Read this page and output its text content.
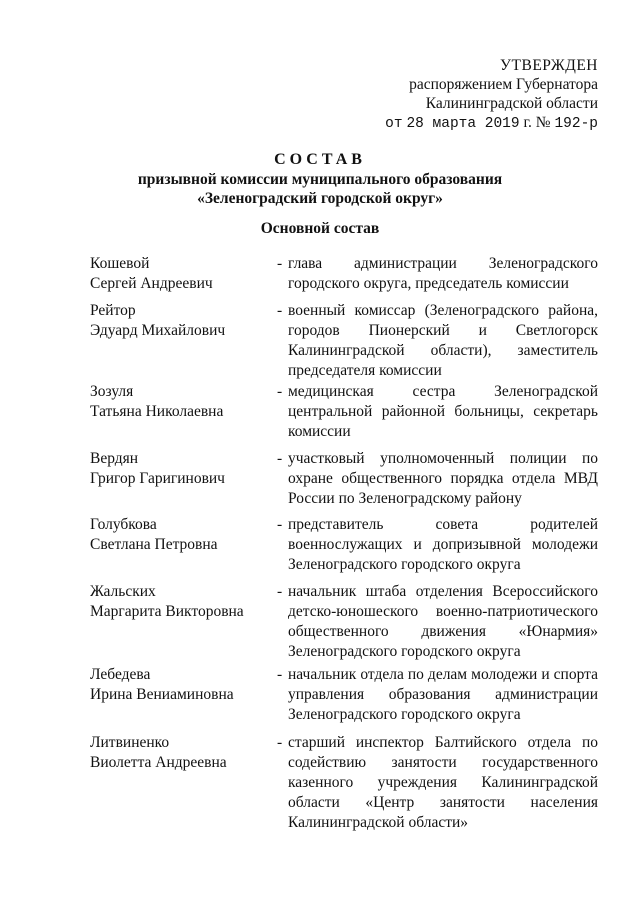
УТВЕРЖДЕН
распоряжением Губернатора
Калининградской области
от 28 марта 2019 г. № 192-р
СОСТАВ
призывной комиссии муниципального образования
«Зеленоградский городской округ»
Основной состав
Кошевой
Сергей Андреевич
- глава администрации Зеленоградского городского округа, председатель комиссии
Рейтор
Эдуард Михайлович
- военный комиссар (Зеленоградского района, городов Пионерский и Светлогорск Калининградской области), заместитель председателя комиссии
Зозуля
Татьяна Николаевна
- медицинская сестра Зеленоградской центральной районной больницы, секретарь комиссии
Вердян
Григор Гаригинович
- участковый уполномоченный полиции по охране общественного порядка отдела МВД России по Зеленоградскому району
Голубкова
Светлана Петровна
- представитель совета родителей военнослужащих и допризывной молодежи Зеленоградского городского округа
Жальских
Маргарита Викторовна
- начальник штаба отделения Всероссийского детско-юношеского военно-патриотического общественного движения «Юнармия» Зеленоградского городского округа
Лебедева
Ирина Вениаминовна
- начальник отдела по делам молодежи и спорта управления образования администрации Зеленоградского городского округа
Литвиненко
Виолетта Андреевна
- старший инспектор Балтийского отдела по содействию занятости государственного казенного учреждения Калининградской области «Центр занятости населения Калининградской области»
